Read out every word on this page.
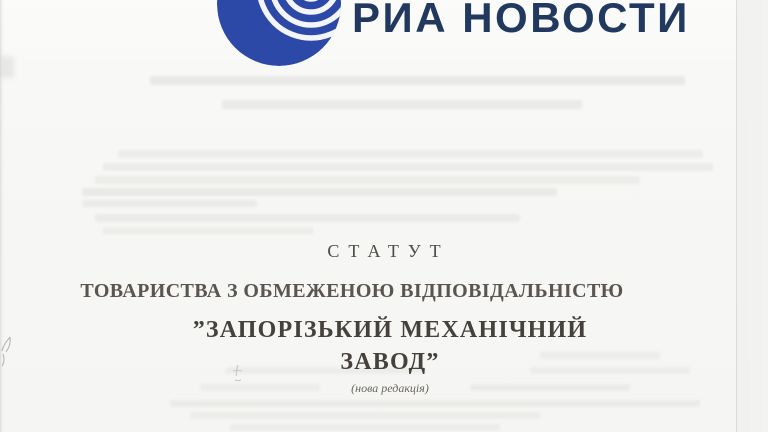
РИА НОВОСТИ
СТАТУТ
ТОВАРИСТВА З ОБМЕЖЕНОЮ ВІДПОВІДАЛЬНІСТЮ
”ЗАПОРІЗЬКИЙ МЕХАНІЧНИЙ
ЗАВОД”
(нова редакція)
